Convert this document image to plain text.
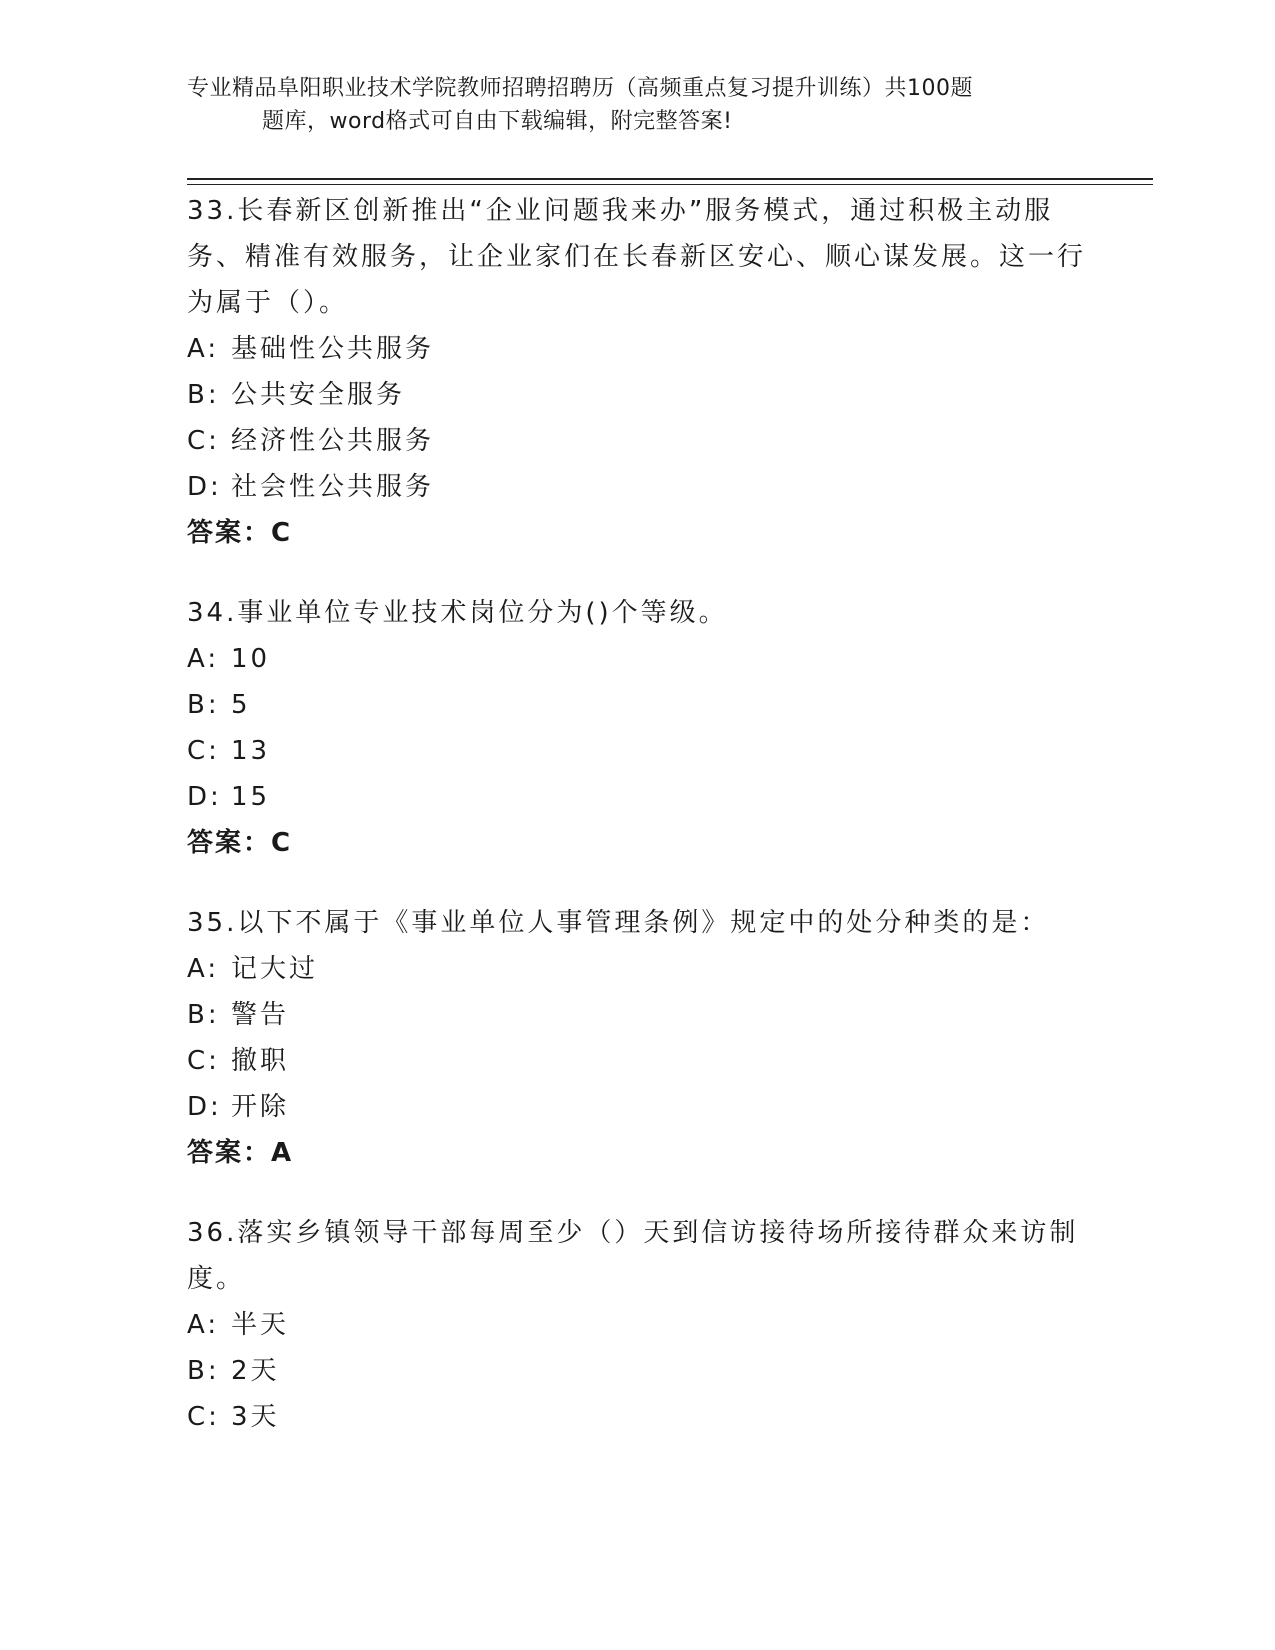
专业精品阜阳职业技术学院教师招聘招聘历（高频重点复习提升训练）共100题
题库，word格式可自由下载编辑，附完整答案!
33.长春新区创新推出“企业问题我来办”服务模式，通过积极主动服务、精准有效服务，让企业家们在长春新区安心、顺心谋发展。这一行为属于（）。
A: 基础性公共服务
B: 公共安全服务
C: 经济性公共服务
D: 社会性公共服务
答案：C
34.事业单位专业技术岗位分为()个等级。
A: 10
B: 5
C: 13
D: 15
答案：C
35.以下不属于《事业单位人事管理条例》规定中的处分种类的是：
A: 记大过
B: 警告
C: 撤职
D: 开除
答案：A
36.落实乡镇领导干部每周至少（）天到信访接待场所接待群众来访制度。
A: 半天
B: 2天
C: 3天
